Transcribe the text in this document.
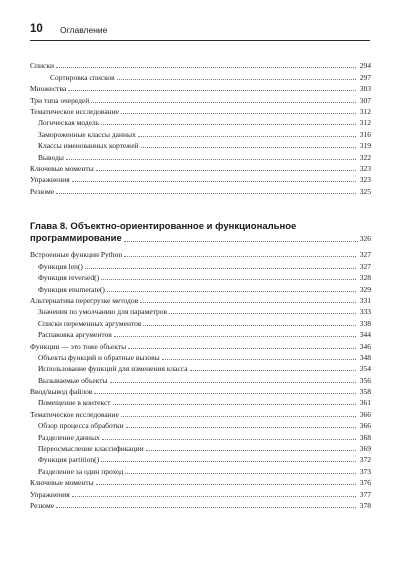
10 Оглавление
Списки	294
Сортировка списков	297
Множества	303
Три типа очередей	307
Тематическое исследование	312
Логическая модель	312
Замороженные классы данных	316
Классы именованных кортежей	319
Выводы	322
Ключевые моменты	323
Упражнения	323
Резюме	325
Глава 8. Объектно-ориентированное и функциональное
программирование	326
Встроенные функции Python	327
Функция len()	327
Функция reversed()	328
Функция enumerate()	329
Альтернатива перегрузке методов	331
Значения по умолчанию для параметров	333
Списки переменных аргументов	338
Распаковка аргументов	344
Функции — это тоже объекты	346
Объекты функций и обратные вызовы	348
Использование функций для изменения класса	354
Вызываемые объекты	356
Ввод/вывод файлов	358
Помещение в контекст	361
Тематическое исследование	366
Обзор процесса обработки	366
Разделение данных	368
Переосмысление классификации	369
Функция partition()	372
Разделение за один проход	373
Ключевые моменты	376
Упражнения	377
Резюме	378
